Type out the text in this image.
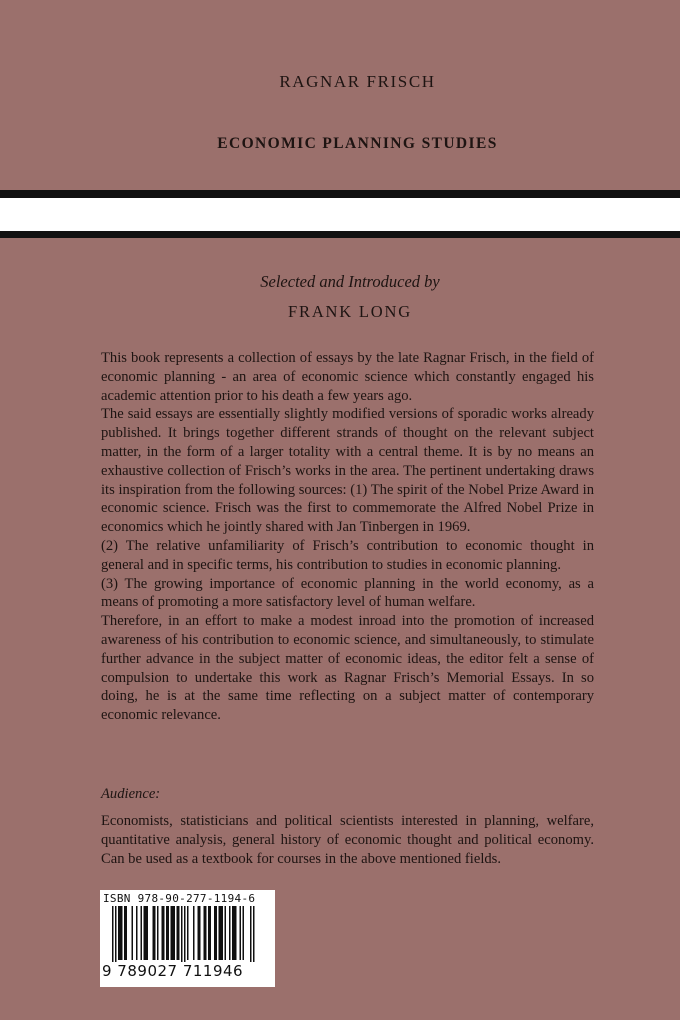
RAGNAR FRISCH
ECONOMIC PLANNING STUDIES
Selected and Introduced by
FRANK LONG

This book represents a collection of essays by the late Ragnar Frisch, in the field of economic planning - an area of economic science which constantly engaged his academic attention prior to his death a few years ago.

The said essays are essentially slightly modified versions of sporadic works already published. It brings together different strands of thought on the relevant subject matter, in the form of a larger totality with a central theme. It is by no means an exhaustive collection of Frisch’s works in the area. The pertinent undertaking draws its inspiration from the following sources: (1) The spirit of the Nobel Prize Award in economic science. Frisch was the first to commemorate the Alfred Nobel Prize in economics which he jointly shared with Jan Tinbergen in 1969.

(2) The relative unfamiliarity of Frisch’s contribution to economic thought in general and in specific terms, his contribution to studies in economic planning.

(3) The growing importance of economic planning in the world economy, as a means of promoting a more satisfactory level of human welfare.

Therefore, in an effort to make a modest inroad into the promotion of increased awareness of his contribution to economic science, and simultaneously, to stimulate further advance in the subject matter of economic ideas, the editor felt a sense of compulsion to undertake this work as Ragnar Frisch’s Memorial Essays. In so doing, he is at the same time reflecting on a subject matter of contemporary economic relevance.

Audience:

Economists, statisticians and political scientists interested in planning, welfare, quantitative analysis, general history of economic thought and political economy. Can be used as a textbook for courses in the above mentioned fields.

ISBN 978-90-277-1194-6
9 789027 711946
